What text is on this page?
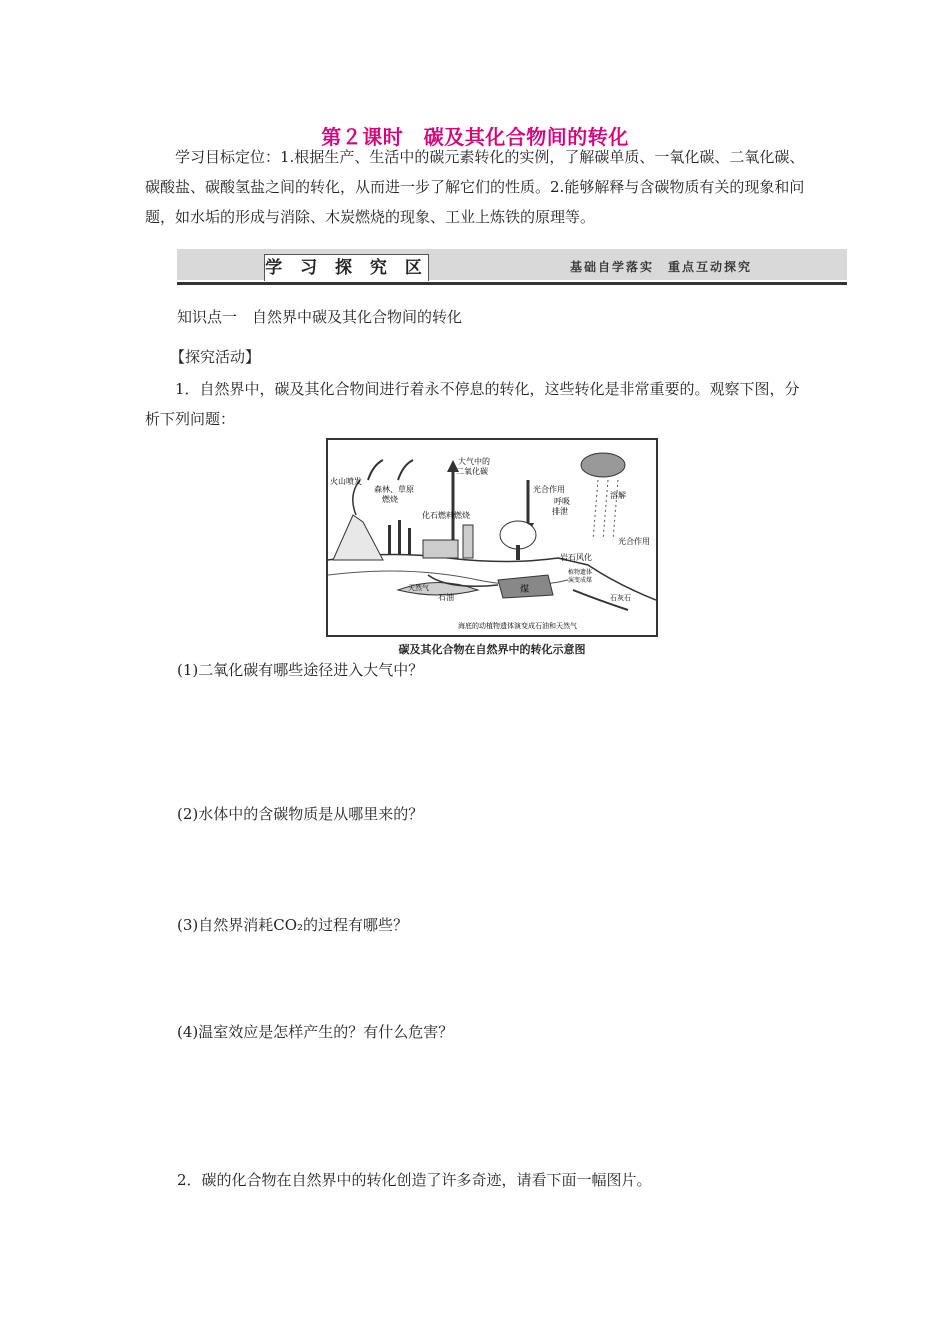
第２课时　碳及其化合物间的转化
学习目标定位：1.根据生产、生活中的碳元素转化的实例，了解碳单质、一氧化碳、二氧化碳、碳酸盐、碳酸氢盐之间的转化，从而进一步了解它们的性质。2.能够解释与含碳物质有关的现象和问题，如水垢的形成与消除、木炭燃烧的现象、工业上炼铁的原理等。
学 习 探 究 区	基础自学落实　重点互动探究
知识点一　自然界中碳及其化合物间的转化
【探究活动】
1．自然界中，碳及其化合物间进行着永不停息的转化，这些转化是非常重要的。观察下图，分析下列问题：
火山喷发
森林、草原
燃烧
大气中的
二氧化碳
化石燃料燃烧
光合作用
呼吸
排泄
溶解
光合作用
岩石风化
植物遗体
演变成煤
天然气
石油
煤
石灰石
海底的动植物遗体演变成石油和天然气
碳及其化合物在自然界中的转化示意图
(1)二氧化碳有哪些途径进入大气中？
(2)水体中的含碳物质是从哪里来的？
(3)自然界消耗CO₂的过程有哪些？
(4)温室效应是怎样产生的？有什么危害？
2．碳的化合物在自然界中的转化创造了许多奇迹，请看下面一幅图片。
